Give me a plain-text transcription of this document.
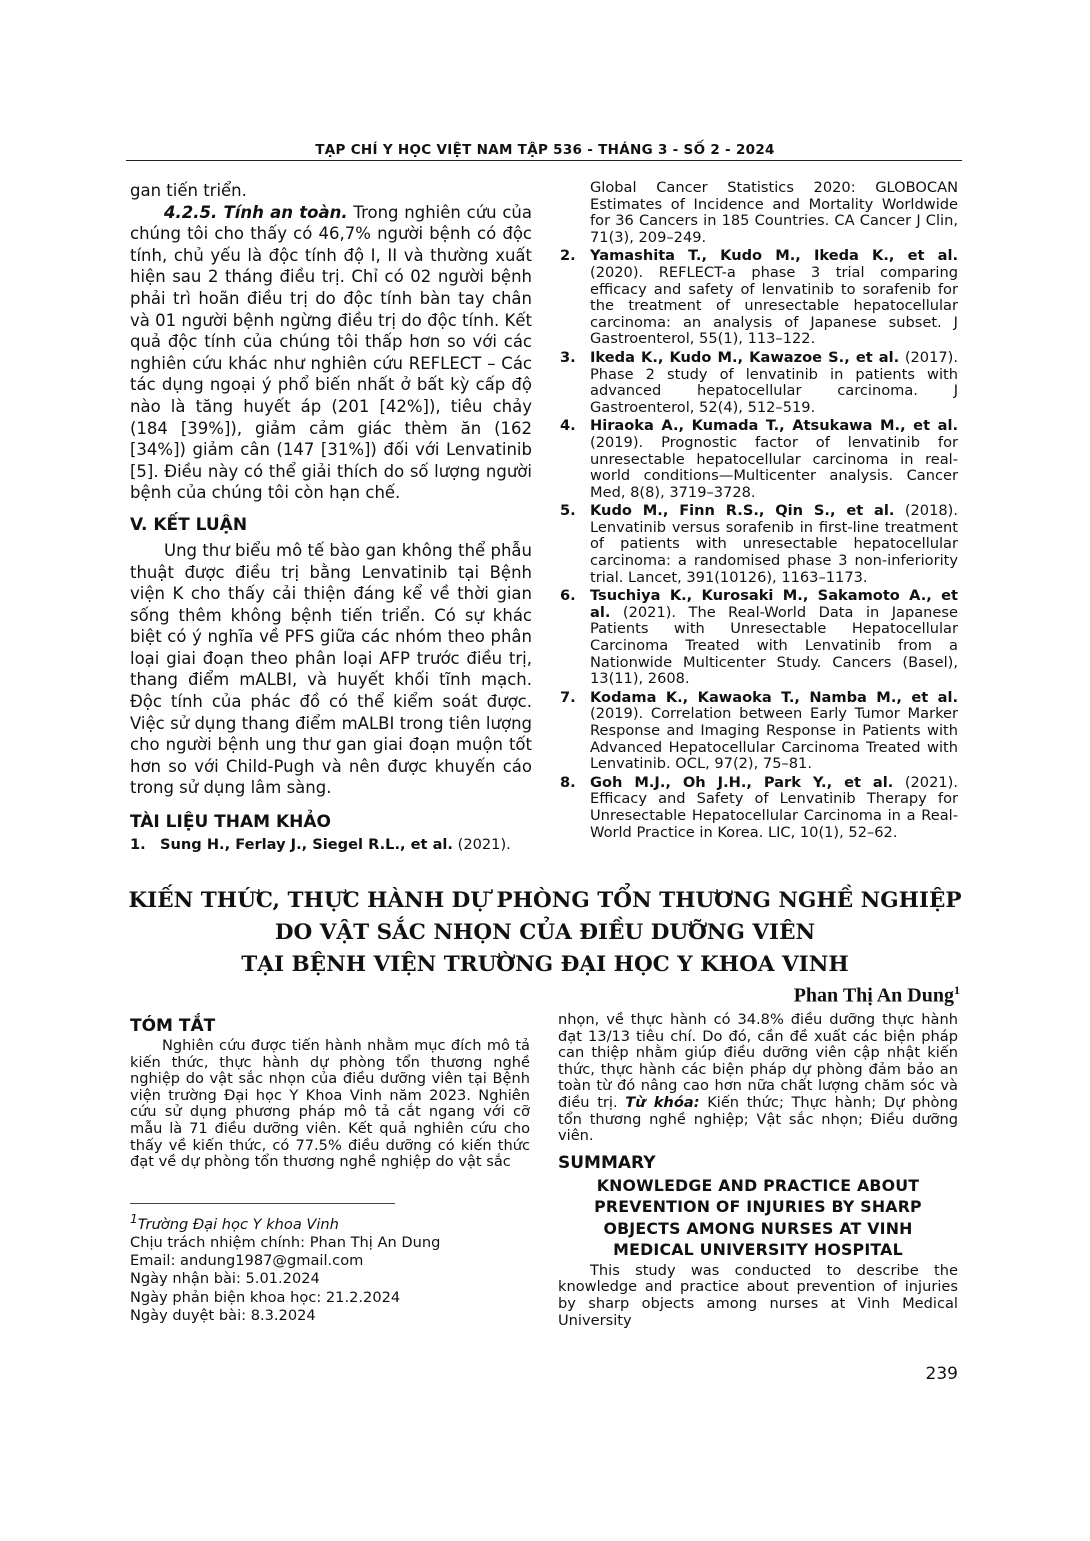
TẠP CHÍ Y HỌC VIỆT NAM TẬP 536 - THÁNG 3 - SỐ 2 - 2024

gan tiến triển.

4.2.5. Tính an toàn. Trong nghiên cứu của chúng tôi cho thấy có 46,7% người bệnh có độc tính, chủ yếu là độc tính độ I, II và thường xuất hiện sau 2 tháng điều trị. Chỉ có 02 người bệnh phải trì hoãn điều trị do độc tính bàn tay chân và 01 người bệnh ngừng điều trị do độc tính. Kết quả độc tính của chúng tôi thấp hơn so với các nghiên cứu khác như nghiên cứu REFLECT – Các tác dụng ngoại ý phổ biến nhất ở bất kỳ cấp độ nào là tăng huyết áp (201 [42%]), tiêu chảy (184 [39%]), giảm cảm giác thèm ăn (162 [34%]) giảm cân (147 [31%]) đối với Lenvatinib [5]. Điều này có thể giải thích do số lượng người bệnh của chúng tôi còn hạn chế.

V. KẾT LUẬN

Ung thư biểu mô tế bào gan không thể phẫu thuật được điều trị bằng Lenvatinib tại Bệnh viện K cho thấy cải thiện đáng kể về thời gian sống thêm không bệnh tiến triển. Có sự khác biệt có ý nghĩa về PFS giữa các nhóm theo phân loại giai đoạn theo phân loại AFP trước điều trị, thang điểm mALBI, và huyết khối tĩnh mạch. Độc tính của phác đồ có thể kiểm soát được. Việc sử dụng thang điểm mALBI trong tiên lượng cho người bệnh ung thư gan giai đoạn muộn tốt hơn so với Child-Pugh và nên được khuyến cáo trong sử dụng lâm sàng.

TÀI LIỆU THAM KHẢO
1. Sung H., Ferlay J., Siegel R.L., et al. (2021).
Global Cancer Statistics 2020: GLOBOCAN Estimates of Incidence and Mortality Worldwide for 36 Cancers in 185 Countries. CA Cancer J Clin, 71(3), 209–249.
2. Yamashita T., Kudo M., Ikeda K., et al. (2020). REFLECT-a phase 3 trial comparing efficacy and safety of lenvatinib to sorafenib for the treatment of unresectable hepatocellular carcinoma: an analysis of Japanese subset. J Gastroenterol, 55(1), 113–122.
3. Ikeda K., Kudo M., Kawazoe S., et al. (2017). Phase 2 study of lenvatinib in patients with advanced hepatocellular carcinoma. J Gastroenterol, 52(4), 512–519.
4. Hiraoka A., Kumada T., Atsukawa M., et al. (2019). Prognostic factor of lenvatinib for unresectable hepatocellular carcinoma in real-world conditions—Multicenter analysis. Cancer Med, 8(8), 3719–3728.
5. Kudo M., Finn R.S., Qin S., et al. (2018). Lenvatinib versus sorafenib in first-line treatment of patients with unresectable hepatocellular carcinoma: a randomised phase 3 non-inferiority trial. Lancet, 391(10126), 1163–1173.
6. Tsuchiya K., Kurosaki M., Sakamoto A., et al. (2021). The Real-World Data in Japanese Patients with Unresectable Hepatocellular Carcinoma Treated with Lenvatinib from a Nationwide Multicenter Study. Cancers (Basel), 13(11), 2608.
7. Kodama K., Kawaoka T., Namba M., et al. (2019). Correlation between Early Tumor Marker Response and Imaging Response in Patients with Advanced Hepatocellular Carcinoma Treated with Lenvatinib. OCL, 97(2), 75–81.
8. Goh M.J., Oh J.H., Park Y., et al. (2021). Efficacy and Safety of Lenvatinib Therapy for Unresectable Hepatocellular Carcinoma in a Real-World Practice in Korea. LIC, 10(1), 52–62.
KIẾN THỨC, THỰC HÀNH DỰ PHÒNG TỔN THƯƠNG NGHỀ NGHIỆP
DO VẬT SẮC NHỌN CỦA ĐIỀU DƯỠNG VIÊN
TẠI BỆNH VIỆN TRƯỜNG ĐẠI HỌC Y KHOA VINH
Phan Thị An Dung$^1$
TÓM TẮT

Nghiên cứu được tiến hành nhằm mục đích mô tả kiến thức, thực hành dự phòng tổn thương nghề nghiệp do vật sắc nhọn của điều dưỡng viên tại Bệnh viện trường Đại học Y Khoa Vinh năm 2023. Nghiên cứu sử dụng phương pháp mô tả cắt ngang với cỡ mẫu là 71 điều dưỡng viên. Kết quả nghiên cứu cho thấy về kiến thức, có 77.5% điều dưỡng có kiến thức đạt về dự phòng tổn thương nghề nghiệp do vật sắc

$^1$Trường Đại học Y khoa Vinh
Chịu trách nhiệm chính: Phan Thị An Dung
Email: andung1987@gmail.com
Ngày nhận bài: 5.01.2024
Ngày phản biện khoa học: 21.2.2024
Ngày duyệt bài: 8.3.2024

nhọn, về thực hành có 34.8% điều dưỡng thực hành đạt 13/13 tiêu chí. Do đó, cần đề xuất các biện pháp can thiệp nhằm giúp điều dưỡng viên cập nhật kiến thức, thực hành các biện pháp dự phòng đảm bảo an toàn từ đó nâng cao hơn nữa chất lượng chăm sóc và điều trị. Từ khóa: Kiến thức; Thực hành; Dự phòng tổn thương nghề nghiệp; Vật sắc nhọn; Điều dưỡng viên.

SUMMARY
KNOWLEDGE AND PRACTICE ABOUT
PREVENTION OF INJURIES BY SHARP
OBJECTS AMONG NURSES AT VINH
MEDICAL UNIVERSITY HOSPITAL

This study was conducted to describe the knowledge and practice about prevention of injuries by sharp objects among nurses at Vinh Medical University

239
